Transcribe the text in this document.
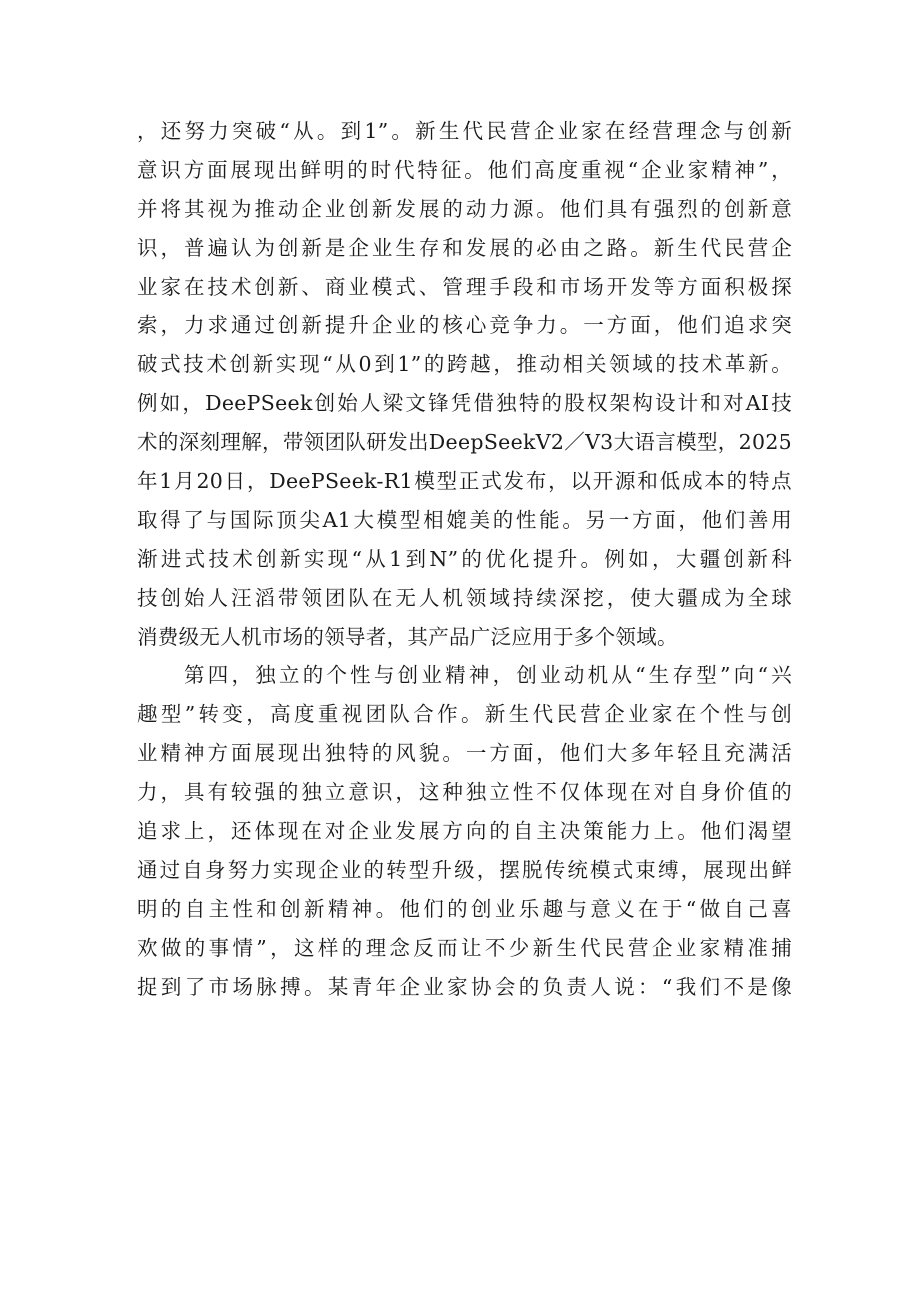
，还努力突破“从。到1”。新生代民营企业家在经营理念与创新
意识方面展现出鲜明的时代特征。他们高度重视“企业家精神”，
并将其视为推动企业创新发展的动力源。他们具有强烈的创新意
识，普遍认为创新是企业生存和发展的必由之路。新生代民营企
业家在技术创新、商业模式、管理手段和市场开发等方面积极探
索，力求通过创新提升企业的核心竞争力。一方面，他们追求突
破式技术创新实现“从0到1”的跨越，推动相关领域的技术革新。
例如，DeePSeek创始人梁文锋凭借独特的股权架构设计和对AI技
术的深刻理解，带领团队研发出DeepSeekV2／V3大语言模型，2025
年1月20日，DeePSeek-R1模型正式发布，以开源和低成本的特点
取得了与国际顶尖A1大模型相媲美的性能。另一方面，他们善用
渐进式技术创新实现“从1到N”的优化提升。例如，大疆创新科
技创始人汪滔带领团队在无人机领域持续深挖，使大疆成为全球
消费级无人机市场的领导者，其产品广泛应用于多个领域。
第四，独立的个性与创业精神，创业动机从“生存型”向“兴
趣型”转变，高度重视团队合作。新生代民营企业家在个性与创
业精神方面展现出独特的风貌。一方面，他们大多年轻且充满活
力，具有较强的独立意识，这种独立性不仅体现在对自身价值的
追求上，还体现在对企业发展方向的自主决策能力上。他们渴望
通过自身努力实现企业的转型升级，摆脱传统模式束缚，展现出鲜
明的自主性和创新精神。他们的创业乐趣与意义在于“做自己喜
欢做的事情”，这样的理念反而让不少新生代民营企业家精准捕
捉到了市场脉搏。某青年企业家协会的负责人说：“我们不是像
